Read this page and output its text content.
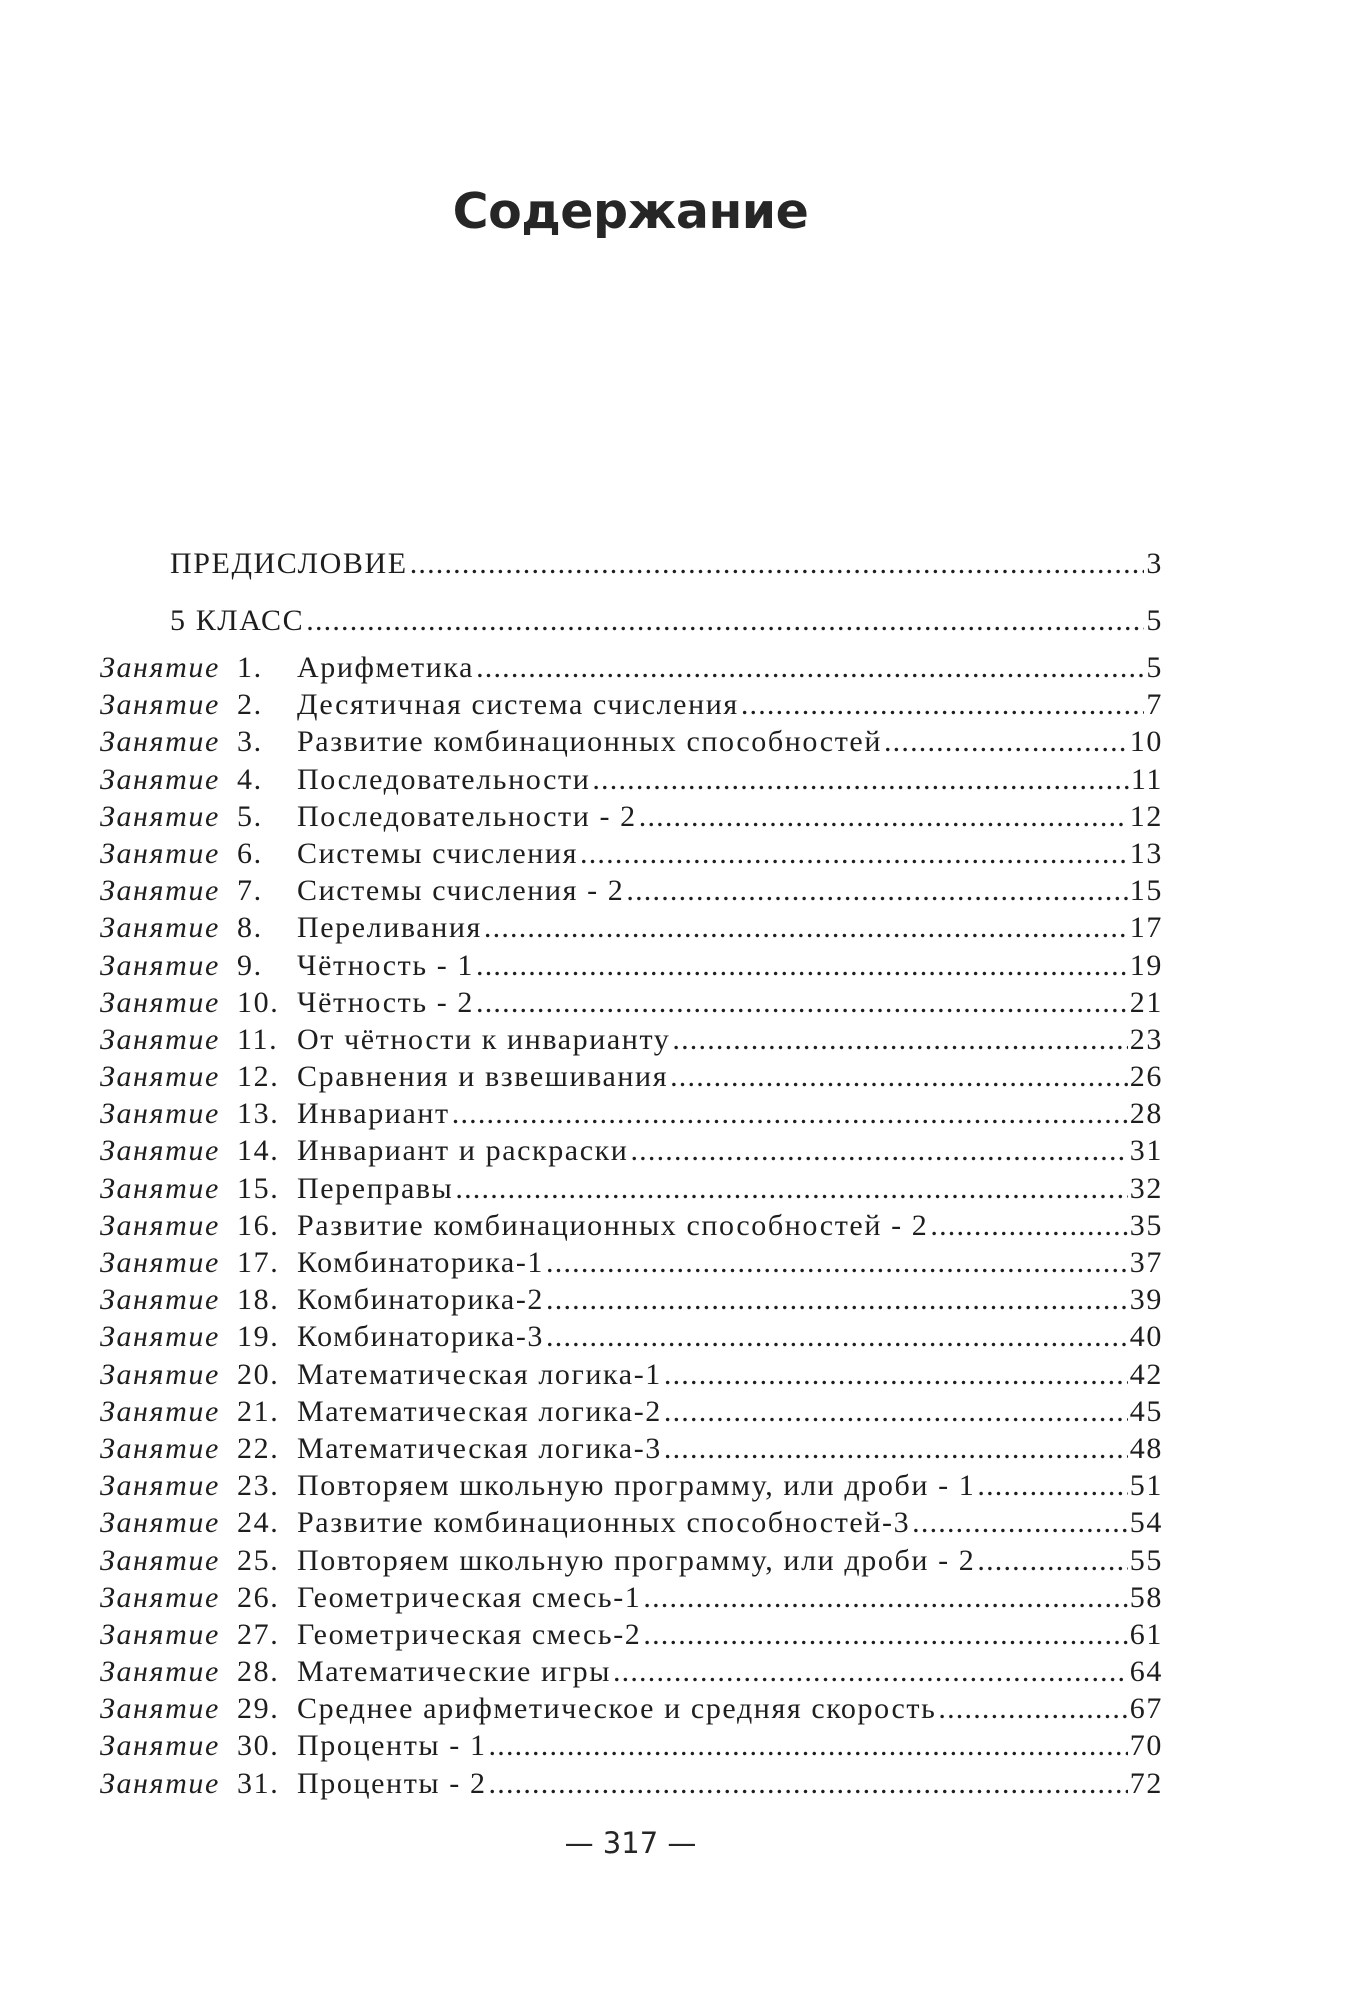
Содержание
ПРЕДИСЛОВИЕ .....	3
5 КЛАСС .....	5
Занятие 1.	Арифметика .....	5
Занятие 2.	Десятичная система счисления .....	7
Занятие 3.	Развитие комбинационных способностей .....	10
Занятие 4.	Последовательности .....	11
Занятие 5.	Последовательности - 2 .....	12
Занятие 6.	Системы счисления .....	13
Занятие 7.	Системы счисления - 2 .....	15
Занятие 8.	Переливания .....	17
Занятие 9.	Чётность - 1 .....	19
Занятие 10. Чётность - 2 .....	21
Занятие 11. От чётности к инварианту .....	23
Занятие 12. Сравнения и взвешивания .....	26
Занятие 13. Инвариант .....	28
Занятие 14. Инвариант и раскраски .....	31
Занятие 15. Переправы .....	32
Занятие 16. Развитие комбинационных способностей - 2 .....	35
Занятие 17. Комбинаторика-1 .....	37
Занятие 18. Комбинаторика-2 .....	39
Занятие 19. Комбинаторика-3 .....	40
Занятие 20. Математическая логика-1 .....	42
Занятие 21. Математическая логика-2 .....	45
Занятие 22. Математическая логика-3 .....	48
Занятие 23. Повторяем школьную программу, или дроби - 1 .....	51
Занятие 24. Развитие комбинационных способностей-3 .....	54
Занятие 25. Повторяем школьную программу, или дроби - 2 .....	55
Занятие 26. Геометрическая смесь-1 .....	58
Занятие 27. Геометрическая смесь-2 .....	61
Занятие 28. Математические игры .....	64
Занятие 29. Среднее арифметическое и средняя скорость .....	67
Занятие 30. Проценты - 1 .....	70
Занятие 31. Проценты - 2 .....	72
— 317 —
